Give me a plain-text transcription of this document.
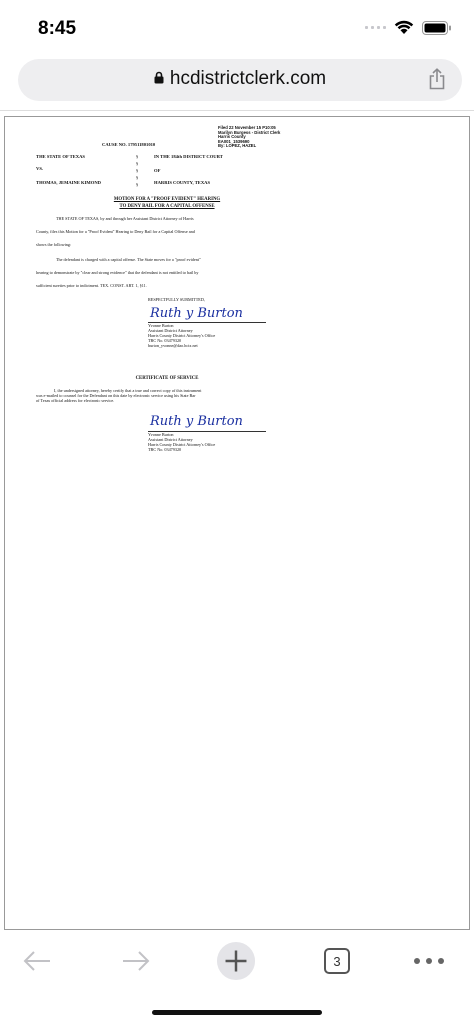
8:45
hcdistrictclerk.com
Filed 22 November 15 P10:05
Marilyn Burgess - District Clerk
Harris County
EA001_1539690
By: LOPEZ, HAZEL
CAUSE NO. 179511801010
THE STATE OF TEXAS
VS.
THOMAS, JEMAINE KIMOND
§
§
§
§
§
IN THE 184th DISTRICT COURT
OF
HARRIS COUNTY, TEXAS
MOTION FOR A "PROOF EVIDENT" HEARING
TO DENY BAIL FOR A CAPITAL OFFENSE
THE STATE OF TEXAS, by and through her Assistant District Attorney of Harris
County, files this Motion for a "Proof Evident" Hearing to Deny Bail for a Capital Offense and
shows the following:
The defendant is charged with a capital offense. The State moves for a "proof evident"
hearing to demonstrate by "clear and strong evidence" that the defendant is not entitled to bail by
sufficient sureties prior to indictment. TEX. CONST. ART. 1, §11.
RESPECTFULLY SUBMITTED,
Ruth y Burton
Yvonne Burton
Assistant District Attorney
Harris County District Attorney's Office
TBC No. 03479320
burton_yvonne@dao.hctx.net
CERTIFICATE OF SERVICE
I, the undersigned attorney, hereby certify that a true and correct copy of this instrument
was e-mailed to counsel for the Defendant on this date by electronic service using his State Bar
of Texas official address for electronic service.
Ruth y Burton
Yvonne Burton
Assistant District Attorney
Harris County District Attorney's Office
TBC No. 03479320
3
